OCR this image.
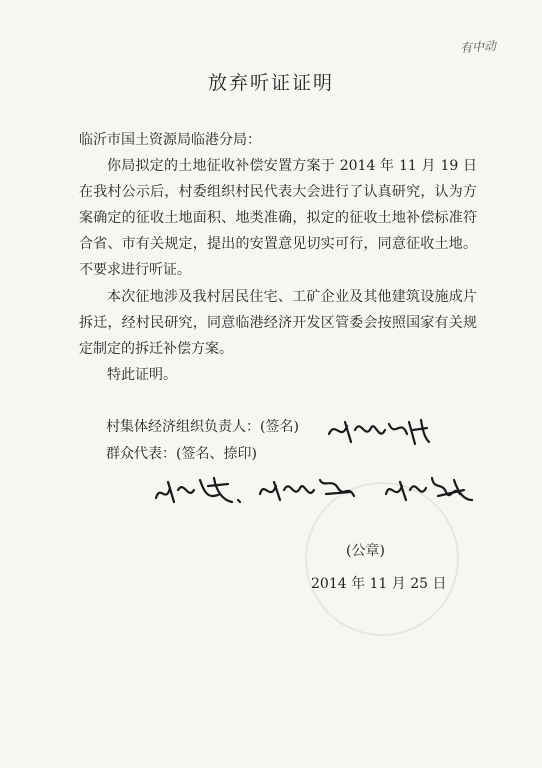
有中动
放弃听证证明
临沂市国土资源局临港分局：
你局拟定的土地征收补偿安置方案于 2014 年 11 月 19 日在我村公示后，村委组织村民代表大会进行了认真研究，认为方案确定的征收土地面积、地类准确，拟定的征收土地补偿标准符合省、市有关规定，提出的安置意见切实可行，同意征收土地。不要求进行听证。
本次征地涉及我村居民住宅、工矿企业及其他建筑设施成片拆迁，经村民研究，同意临港经济开发区管委会按照国家有关规定制定的拆迁补偿方案。
特此证明。
村集体经济组织负责人：(签名)
群众代表：(签名、捺印)
(公章)
2014 年 11 月 25 日
